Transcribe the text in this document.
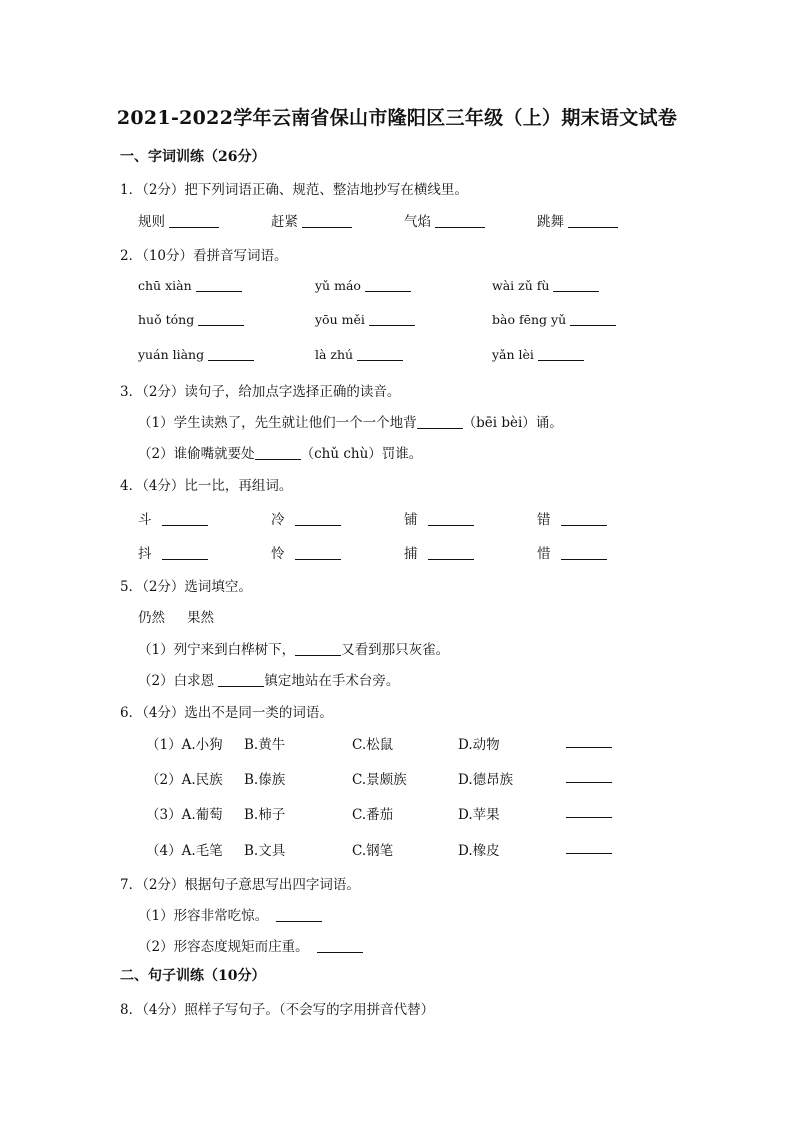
2021-2022学年云南省保山市隆阳区三年级（上）期末语文试卷
一、字词训练（26分）
1．（2分）把下列词语正确、规范、整洁地抄写在横线里。
规则	赶紧	气焰	跳舞
2．（10分）看拼音写词语。
chū xiàn	yǔ máo	wài zǔ fù
huǒ tóng	yōu měi	bào fēng yǔ
yuán liàng	là zhú	yǎn lèi
3．（2分）读句子，给加点字选择正确的读音。
（1）学生读熟了，先生就让他们一个一个地背	（bēi bèi）诵。
（2）谁偷嘴就要处	（chǔ chù）罚谁。
4．（4分）比一比，再组词。
斗	冷	铺	错
抖	怜	捕	惜
5．（2分）选词填空。
仍然 果然
（1）列宁来到白桦树下，	又看到那只灰雀。
（2）白求恩	镇定地站在手术台旁。
6．（4分）选出不是同一类的词语。
（1）A.小狗 B.黄牛	C.松鼠	D.动物
（2）A.民族 B.傣族	C.景颇族	D.德昂族
（3）A.葡萄 B.柿子	C.番茄	D.苹果
（4）A.毛笔 B.文具	C.钢笔	D.橡皮
7．（2分）根据句子意思写出四字词语。
（1）形容非常吃惊。
（2）形容态度规矩而庄重。
二、句子训练（10分）
8．（4分）照样子写句子。（不会写的字用拼音代替）
